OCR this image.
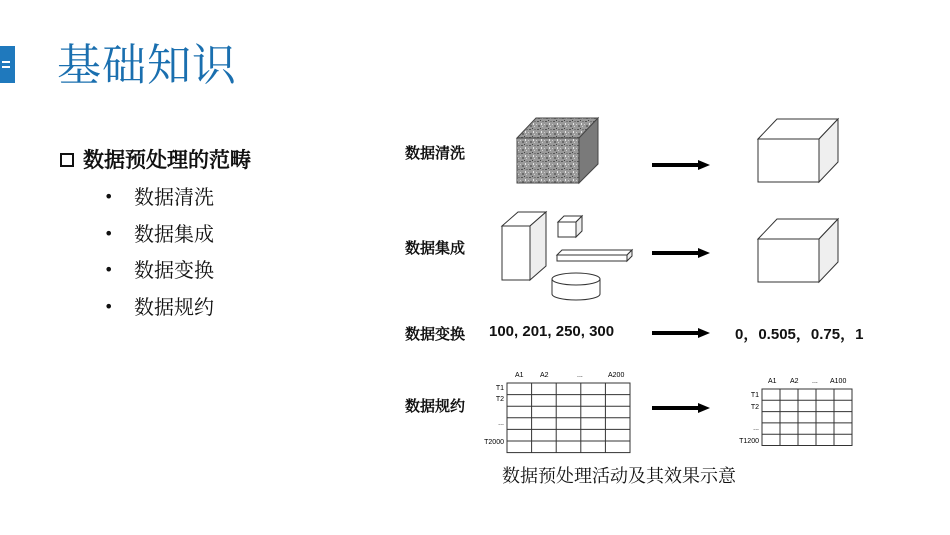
基础知识
数据预处理的范畴
•	数据清洗
•	数据集成
•	数据变换
•	数据规约
数据清洗
数据集成
数据变换
数据规约
100, 201, 250, 300	0，0.505，0.75，1
数据预处理活动及其效果示意
A1 A2	...	A200
T1
T2
...
T2000
A1 A2 ... A100
T1
T2
...
T1200
